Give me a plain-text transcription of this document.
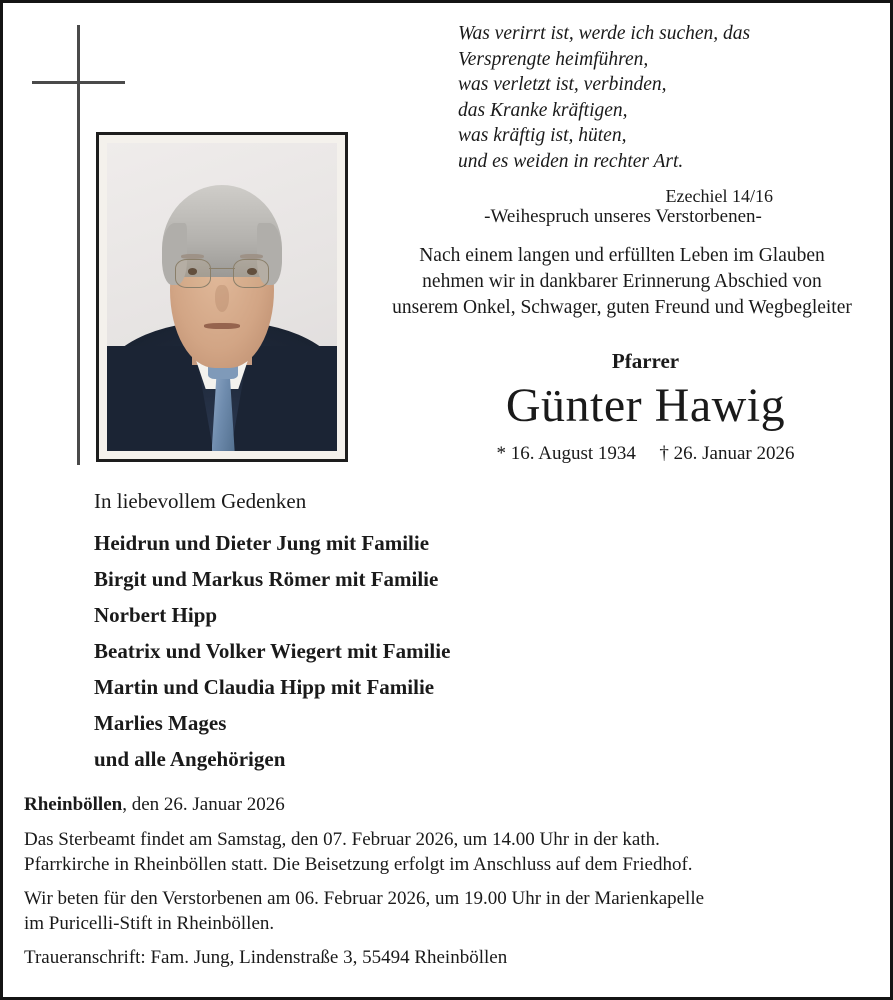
Was verirrt ist, werde ich suchen, das
Versprengte heimführen,
was verletzt ist, verbinden,
das Kranke kräftigen,
was kräftig ist, hüten,
und es weiden in rechter Art.
Ezechiel 14/16
-Weihespruch unseres Verstorbenen-
Nach einem langen und erfüllten Leben im Glauben
nehmen wir in dankbarer Erinnerung Abschied von
unserem Onkel, Schwager, guten Freund und Wegbegleiter
Pfarrer
Günter Hawig
* 16. August 1934 † 26. Januar 2026
In liebevollem Gedenken
Heidrun und Dieter Jung mit Familie
Birgit und Markus Römer mit Familie
Norbert Hipp
Beatrix und Volker Wiegert mit Familie
Martin und Claudia Hipp mit Familie
Marlies Mages
und alle Angehörigen
Rheinböllen, den 26. Januar 2026

Das Sterbeamt findet am Samstag, den 07. Februar 2026, um 14.00 Uhr in der kath. Pfarrkirche in Rheinböllen statt. Die Beisetzung erfolgt im Anschluss auf dem Friedhof.

Wir beten für den Verstorbenen am 06. Februar 2026, um 19.00 Uhr in der Marienkapelle im Puricelli-Stift in Rheinböllen.

Traueranschrift: Fam. Jung, Lindenstraße 3, 55494 Rheinböllen
